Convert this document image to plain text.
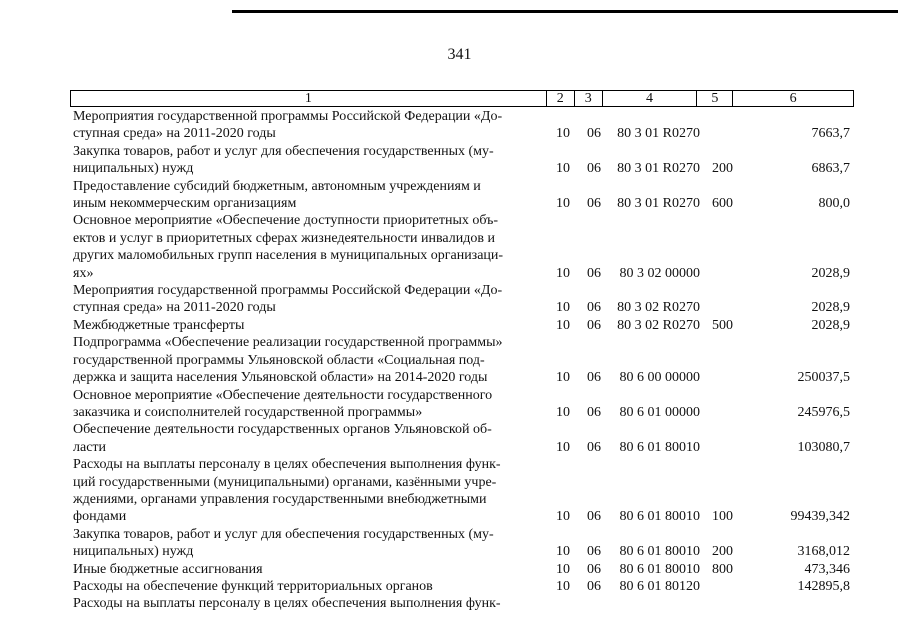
341
1	2	3	4	5	6
Мероприятия государственной программы Российской Федерации «До-
ступная среда» на 2011-2020 годы	10	06	80 3 01 R0270	7663,7
Закупка товаров, работ и услуг для обеспечения государственных (му-
ниципальных) нужд	10	06	80 3 01 R0270 200	6863,7
Предоставление субсидий бюджетным, автономным учреждениям и
иным некоммерческим организациям	10	06	80 3 01 R0270 600	800,0
Основное мероприятие «Обеспечение доступности приоритетных объ-
ектов и услуг в приоритетных сферах жизнедеятельности инвалидов и
других маломобильных групп населения в муниципальных организаци-
ях»	10	06	80 3 02 00000	2028,9
Мероприятия государственной программы Российской Федерации «До-
ступная среда» на 2011-2020 годы	10	06	80 3 02 R0270	2028,9
Межбюджетные трансферты	10	06	80 3 02 R0270 500	2028,9
Подпрограмма «Обеспечение реализации государственной программы»
государственной программы Ульяновской области «Социальная под-
держка и защита населения Ульяновской области» на 2014-2020 годы	10	06	80 6 00 00000	250037,5
Основное мероприятие «Обеспечение деятельности государственного
заказчика и соисполнителей государственной программы»	10	06	80 6 01 00000	245976,5
Обеспечение деятельности государственных органов Ульяновской об-
ласти	10	06	80 6 01 80010	103080,7
Расходы на выплаты персоналу в целях обеспечения выполнения функ-
ций государственными (муниципальными) органами, казёнными учре-
ждениями, органами управления государственными внебюджетными
фондами	10	06	80 6 01 80010 100	99439,342
Закупка товаров, работ и услуг для обеспечения государственных (му-
ниципальных) нужд	10	06	80 6 01 80010 200	3168,012
Иные бюджетные ассигнования	10	06	80 6 01 80010 800	473,346
Расходы на обеспечение функций территориальных органов	10	06	80 6 01 80120	142895,8
Расходы на выплаты персоналу в целях обеспечения выполнения функ-
